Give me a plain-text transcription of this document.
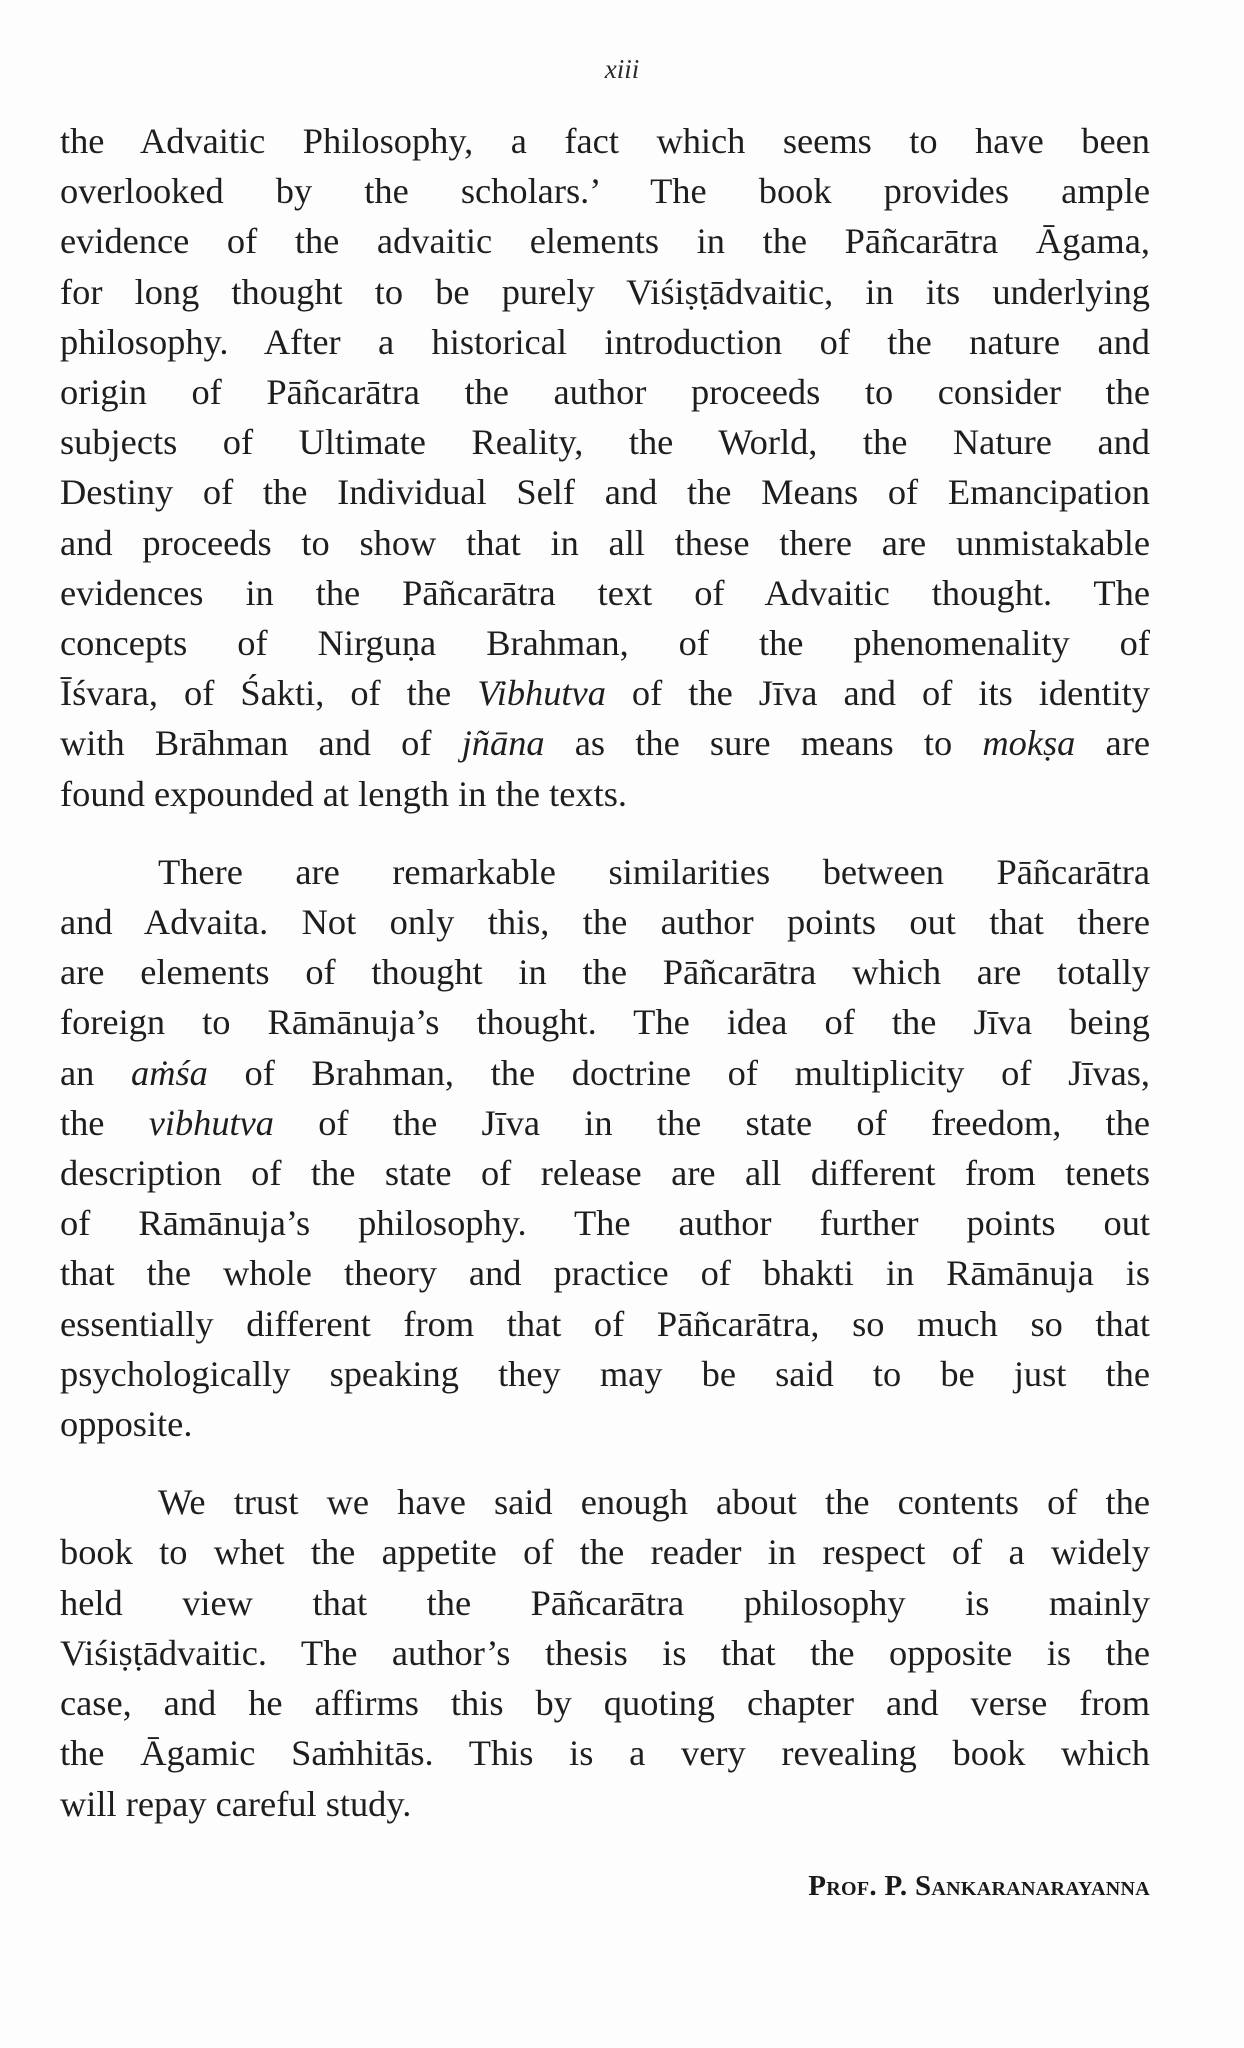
xiii
the Advaitic Philosophy, a fact which seems to have been
overlooked by the scholars.’ The book provides ample
evidence of the advaitic elements in the Pāñcarātra Āgama,
for long thought to be purely Viśiṣṭādvaitic, in its underlying
philosophy. After a historical introduction of the nature and
origin of Pāñcarātra the author proceeds to consider the
subjects of Ultimate Reality, the World, the Nature and
Destiny of the Individual Self and the Means of Emancipation
and proceeds to show that in all these there are unmistakable
evidences in the Pāñcarātra text of Advaitic thought. The
concepts of Nirguṇa Brahman, of the phenomenality of
Īśvara, of Śakti, of the Vibhutva of the Jīva and of its identity
with Brāhman and of jñāna as the sure means to mokṣa are
found expounded at length in the texts.
There are remarkable similarities between Pāñcarātra
and Advaita. Not only this, the author points out that there
are elements of thought in the Pāñcarātra which are totally
foreign to Rāmānuja’s thought. The idea of the Jīva being
an aṁśa of Brahman, the doctrine of multiplicity of Jīvas,
the vibhutva of the Jīva in the state of freedom, the
description of the state of release are all different from tenets
of Rāmānuja’s philosophy. The author further points out
that the whole theory and practice of bhakti in Rāmānuja is
essentially different from that of Pāñcarātra, so much so that
psychologically speaking they may be said to be just the
opposite.
We trust we have said enough about the contents of the
book to whet the appetite of the reader in respect of a widely
held view that the Pāñcarātra philosophy is mainly
Viśiṣṭādvaitic. The author’s thesis is that the opposite is the
case, and he affirms this by quoting chapter and verse from
the Āgamic Saṁhitās. This is a very revealing book which
will repay careful study.
Prof. P. Sankaranarayanna
